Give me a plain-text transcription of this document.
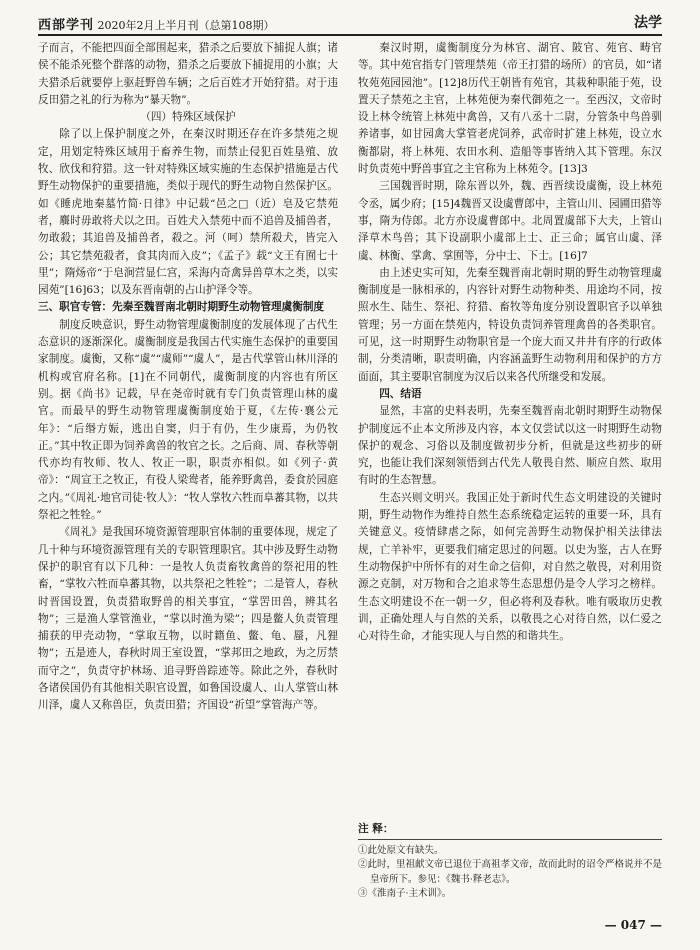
西部学刊 2020年2月上半月刊（总第108期）	法学

子而言，不能把四面全部围起来，猎杀之后要放下捕捉人旗；诸侯不能杀死整个群落的动物，猎杀之后要放下捕捉用的小旗；大夫猎杀后就要停上驱赶野兽车辆；之后百姓才开始狩猎。对于违反田猎之礼的行为称为“暴天物”。

（四）特殊区域保护

除了以上保护制度之外，在秦汉时期还存在许多禁苑之规定，用划定特殊区域用于畜养生物，而禁止侵犯百姓垦殖、放牧、欣伐和狩猎。这一针对特殊区域实施的生态保护措施是古代野生动物保护的重要措施，类似于现代的野生动物自然保护区。如《睡虎地秦墓竹简·日律》中记载“邑之□（近）皂及它禁苑者，麛时毋敢将犬以之田。百姓犬入禁苑中而不追兽及捕兽者，勿敢殺；其追兽及捕兽者，殺之。河（呵）禁所殺犬，皆完入公；其它禁苑殺者，食其肉而入皮”；《孟子》载“文王有囿七十里”；隋炀帝“于皂涧营显仁宫，采海内奇禽异兽草木之类，以实园苑”[16]63；以及东晋南朝的占山护泽令等。

三、职官专管：先秦至魏晋南北朝时期野生动物管理虞衡制度

制度反映意识，野生动物管理虞衡制度的发展体现了古代生态意识的逐渐深化。虞衡制度是我国古代实施生态保护的重要国家制度。虞衡，又称“虞”“虞师”“虞人”，是古代掌管山林川泽的机构或官府名称。[1]在不同朝代，虞衡制度的内容也有所区别。据《尚书》记载，早在尧帝时就有专门负责管理山林的虞官。而最早的野生动物管理虞衡制度始于夏，《左传·襄公元年》：“后缗方娠，逃出自窦，归于有仍，生少康焉，为仍牧正。”其中牧正即为饲养禽兽的牧官之长。之后商、周、春秋等朝代亦均有牧师、牧人、牧正一职，职责亦相似。如《列子·黄帝》：“周宣王之牧正，有役人梁鸯者，能养野禽兽，委食於园庭之内。”《周礼·地官司徒·牧人》：“牧人掌牧六牲而阜蕃其物，以共祭祀之牲牷。”

《周礼》是我国环境资源管理职官体制的重要体现，规定了几十种与环境资源管理有关的专职管理职官。其中涉及野生动物保护的职官有以下几种：一是牧人负责畜牧禽兽的祭祀用的牲畜，“掌牧六牲而阜蕃其物，以共祭祀之牲牷”；二是管人，春秋时晋国设置，负责猎取野兽的相关事宜，“掌罟田兽，辨其名物”；三是渔人掌管渔业，“掌以时渔为梁”；四是鳖人负责管理捕获的甲壳动物，“掌取互物，以时籍鱼、鳖、龟、蜃，凡狸物”；五是迹人，春秋时周王室设置，“掌邦田之地政，为之厉禁而守之”，负责守护林场、追寻野兽踪迹等。除此之外，春秋时各诸侯国仍有其他相关职官设置，如鲁国设虞人、山人掌管山林川泽，虞人又称兽臣，负责田猎；齐国设“祈望”掌管海产等。

秦汉时期，虞衡制度分为林官、湖官、陂官、苑官、畴官等。其中苑官指专门管理禁苑（帝王打猎的场所）的官员，如“诸牧苑苑园园池”。[12]8历代王朝皆有苑官，其栽种职能于苑，设置天子禁苑之主官，上林苑便为秦代御苑之一。至西汉，文帝时设上林令统管上林苑中禽兽，又有八丞十二尉，分管条中鸟兽驯养诸事，如甘园禽大掌管老虎饲养，武帝时扩建上林苑，设立水衡都尉，将上林苑、农田水利、造船等事皆纳入其下管理。东汉时负责苑中野兽事宜之主官称为上林苑令。[13]3

三国魏晋时期，除东晋以外，魏、西晋续设虞衡，设上林苑令丞，属少府；[15]4魏晋又设虞曹郎中，主管山川、园圃田猎等事，隋为侍郎。北方亦设虞曹郎中。北周置虞部下大夫，上管山泽草木鸟兽；其下设副职小虞部上士、正三命；属官山虞、泽虞、林衡、掌禽、掌囿等，分中士、下士。[16]7

由上述史实可知，先秦至魏晋南北朝时期的野生动物管理虞衡制度是一脉相承的，内容针对野生动物种类、用途均不同，按照水生、陆生、祭祀、狩猎、畜牧等角度分别设置职官予以单独管理；另一方面在禁苑内，特设负责饲养管理禽兽的各类职官。可见，这一时期野生动物职官是一个庞大而又井井有序的行政体制，分类清晰，职责明确，内容涵盖野生动物利用和保护的方方面面，其主要职官制度为汉后以来各代所继受和发展。

四、结语

显然，丰富的史料表明，先秦至魏晋南北朝时期野生动物保护制度远不止本文所涉及内容，本文仅尝试以这一时期野生动物保护的观念、习俗以及制度做初步分析，但就是这些初步的研究，也能让我们深刻领悟到古代先人敬畏自然、顺应自然、取用有时的生态智慧。

生态兴则文明兴。我国正处于新时代生态文明建设的关键时期，野生动物作为维持自然生态系统稳定运转的重要一环，具有关键意义。疫情肆虐之际，如何完善野生动物保护相关法律法规，亡羊补牢，更要我们痛定思过的问题。以史为鉴，古人在野生动物保护中所怀有的对生命之信仰，对自然之敬畏，对利用资源之克制，对万物和合之追求等生态思想仍是令人学习之榜样。生态文明建设不在一朝一夕，但必将利及春秋。唯有吸取历史教训，正确处理人与自然的关系，以敬畏之心对待自然，以仁爱之心对待生命，才能实现人与自然的和谐共生。

注 释：

①此处原文有缺失。

②此时，里祖献文帝已退位于高祖孝文帝，故而此时的诏令严格说并不是皇帝所下。参见：《魏书·释老志》。

③《淮南子·主术训》。

— 047 —
